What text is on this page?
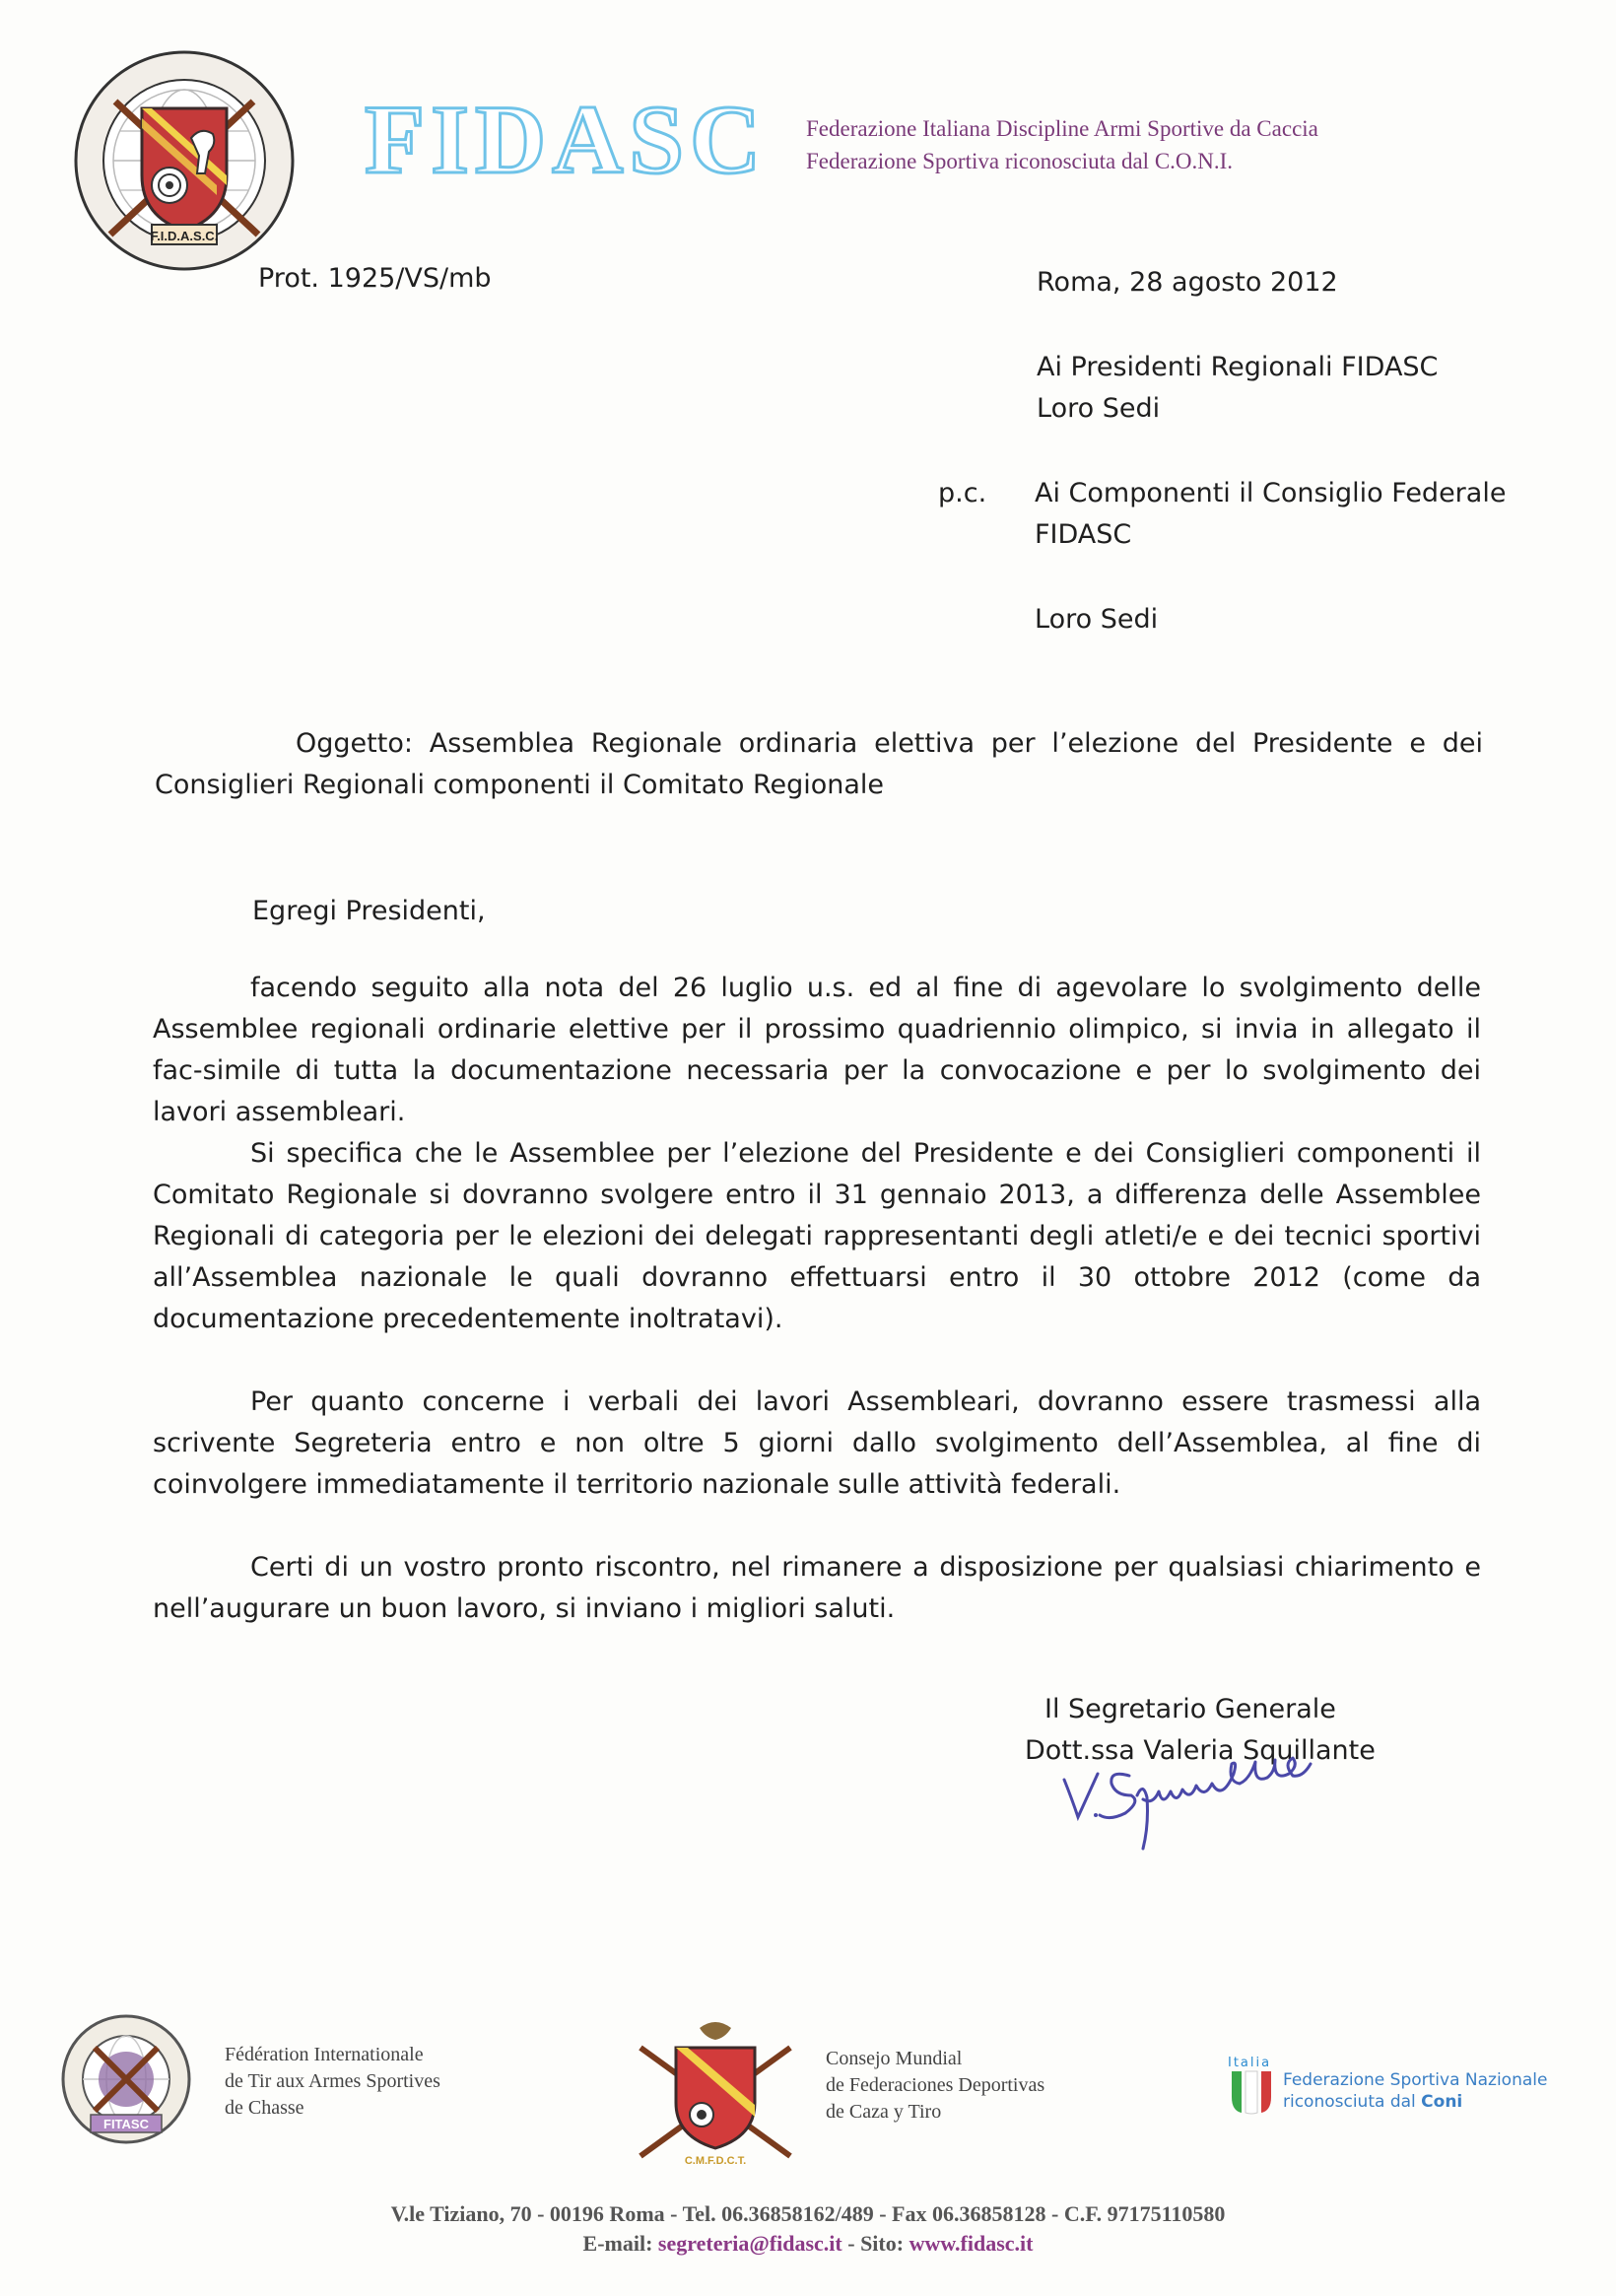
F.I.D.A.S.C.
FIDASC Federazione Italiana Discipline Armi Sportive da Caccia
Federazione Sportiva riconosciuta dal C.O.N.I.
Prot. 1925/VS/mb	Roma, 28 agosto 2012
Ai Presidenti Regionali FIDASC
Loro Sedi
p.c. Ai Componenti il Consiglio Federale
FIDASC
Loro Sedi
Oggetto: Assemblea Regionale ordinaria elettiva per l’elezione del Presidente e dei Consiglieri Regionali componenti il Comitato Regionale
Egregi Presidenti,

facendo seguito alla nota del 26 luglio u.s. ed al fine di agevolare lo svolgimento delle Assemblee regionali ordinarie elettive per il prossimo quadriennio olimpico, si invia in allegato il fac-simile di tutta la documentazione necessaria per la convocazione e per lo svolgimento dei lavori assembleari.

Si specifica che le Assemblee per l’elezione del Presidente e dei Consiglieri componenti il Comitato Regionale si dovranno svolgere entro il 31 gennaio 2013, a differenza delle Assemblee Regionali di categoria per le elezioni dei delegati rappresentanti degli atleti/e e dei tecnici sportivi all’Assemblea nazionale le quali dovranno effettuarsi entro il 30 ottobre 2012 (come da documentazione precedentemente inoltratavi).

Per quanto concerne i verbali dei lavori Assembleari, dovranno essere trasmessi alla scrivente Segreteria entro e non oltre 5 giorni dallo svolgimento dell’Assemblea, al fine di coinvolgere immediatamente il territorio nazionale sulle attività federali.

Certi di un vostro pronto riscontro, nel rimanere a disposizione per qualsiasi chiarimento e nell’augurare un buon lavoro, si inviano i migliori saluti.

Il Segretario Generale
Dott.ssa Valeria Squillante
FITASC
Fédération Internationale
de Tir aux Armes Sportives
de Chasse
C.M.F.D.C.T.
Consejo Mundial
de Federaciones Deportivas
de Caza y Tiro
Italia
Federazione Sportiva Nazionale
riconosciuta dal Coni
V.le Tiziano, 70 - 00196 Roma - Tel. 06.36858162/489 - Fax 06.36858128 - C.F. 97175110580
E-mail: segreteria@fidasc.it - Sito: www.fidasc.it
